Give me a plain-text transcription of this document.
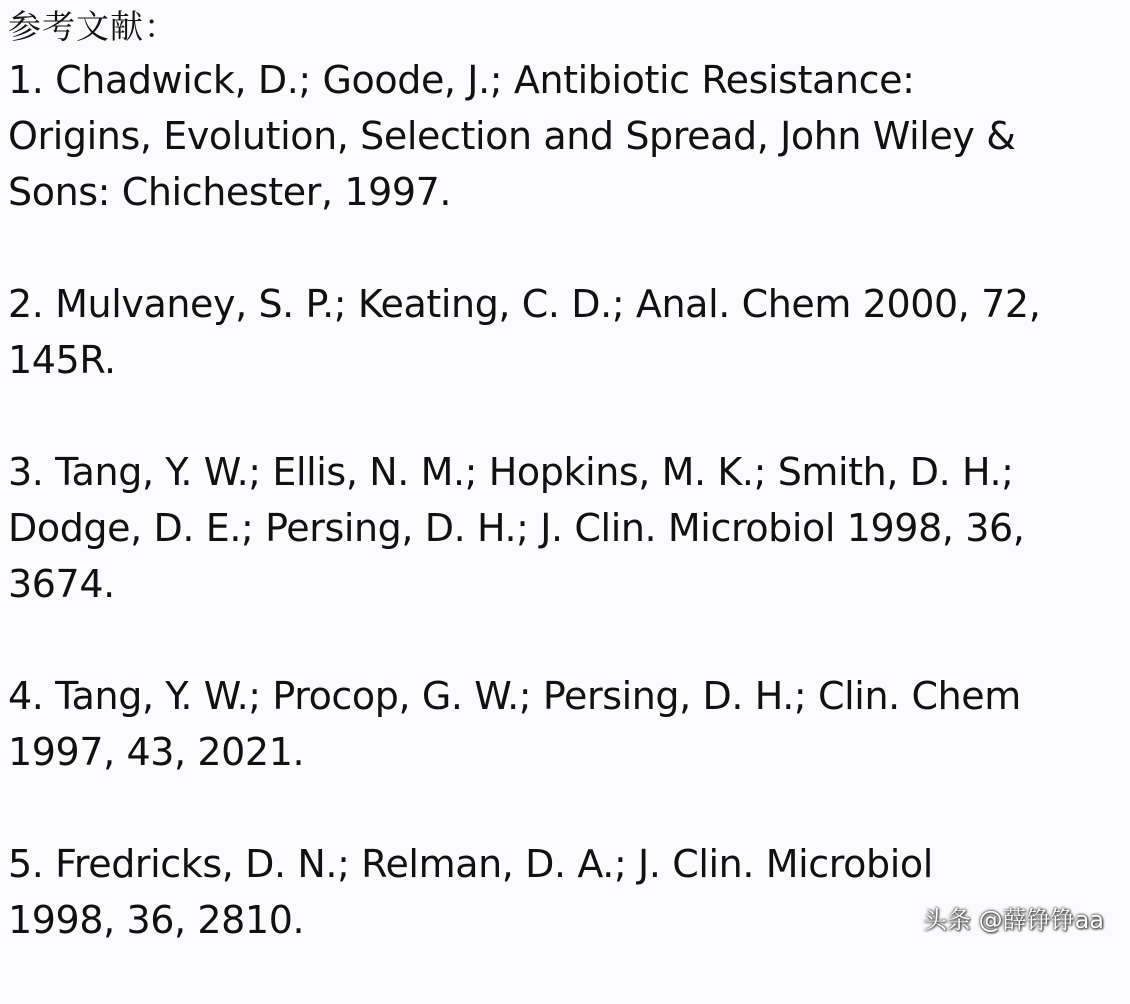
参考文献：
1. Chadwick, D.; Goode, J.; Antibiotic Resistance:
Origins, Evolution, Selection and Spread, John Wiley &
Sons: Chichester, 1997.
2. Mulvaney, S. P.; Keating, C. D.; Anal. Chem 2000, 72,
145R.
3. Tang, Y. W.; Ellis, N. M.; Hopkins, M. K.; Smith, D. H.;
Dodge, D. E.; Persing, D. H.; J. Clin. Microbiol 1998, 36,
3674.
4. Tang, Y. W.; Procop, G. W.; Persing, D. H.; Clin. Chem
1997, 43, 2021.
5. Fredricks, D. N.; Relman, D. A.; J. Clin. Microbiol
1998, 36, 2810.	头条 @薛铮铮aa
